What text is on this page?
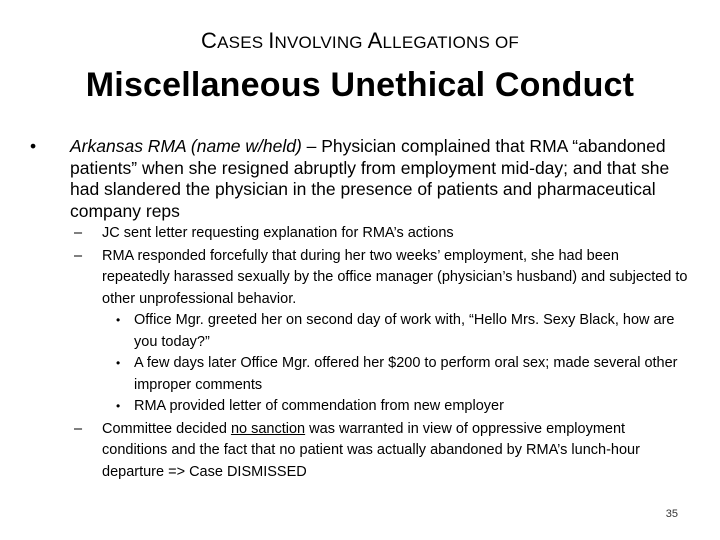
CASES INVOLVING ALLEGATIONS OF
Miscellaneous Unethical Conduct
• Arkansas RMA (name w/held) – Physician complained that RMA “abandoned patients” when she resigned abruptly from employment mid-day; and that she had slandered the physician in the presence of patients and pharmaceutical company reps
– JC sent letter requesting explanation for RMA’s actions
– RMA responded forcefully that during her two weeks’ employment, she had been repeatedly harassed sexually by the office manager (physician’s husband) and subjected to other unprofessional behavior.
• Office Mgr. greeted her on second day of work with, “Hello Mrs. Sexy Black, how are you today?”
• A few days later Office Mgr. offered her $200 to perform oral sex; made several other improper comments
• RMA provided letter of commendation from new employer
– Committee decided no sanction was warranted in view of oppressive employment conditions and the fact that no patient was actually abandoned by RMA’s lunch-hour departure => Case DISMISSED
35
